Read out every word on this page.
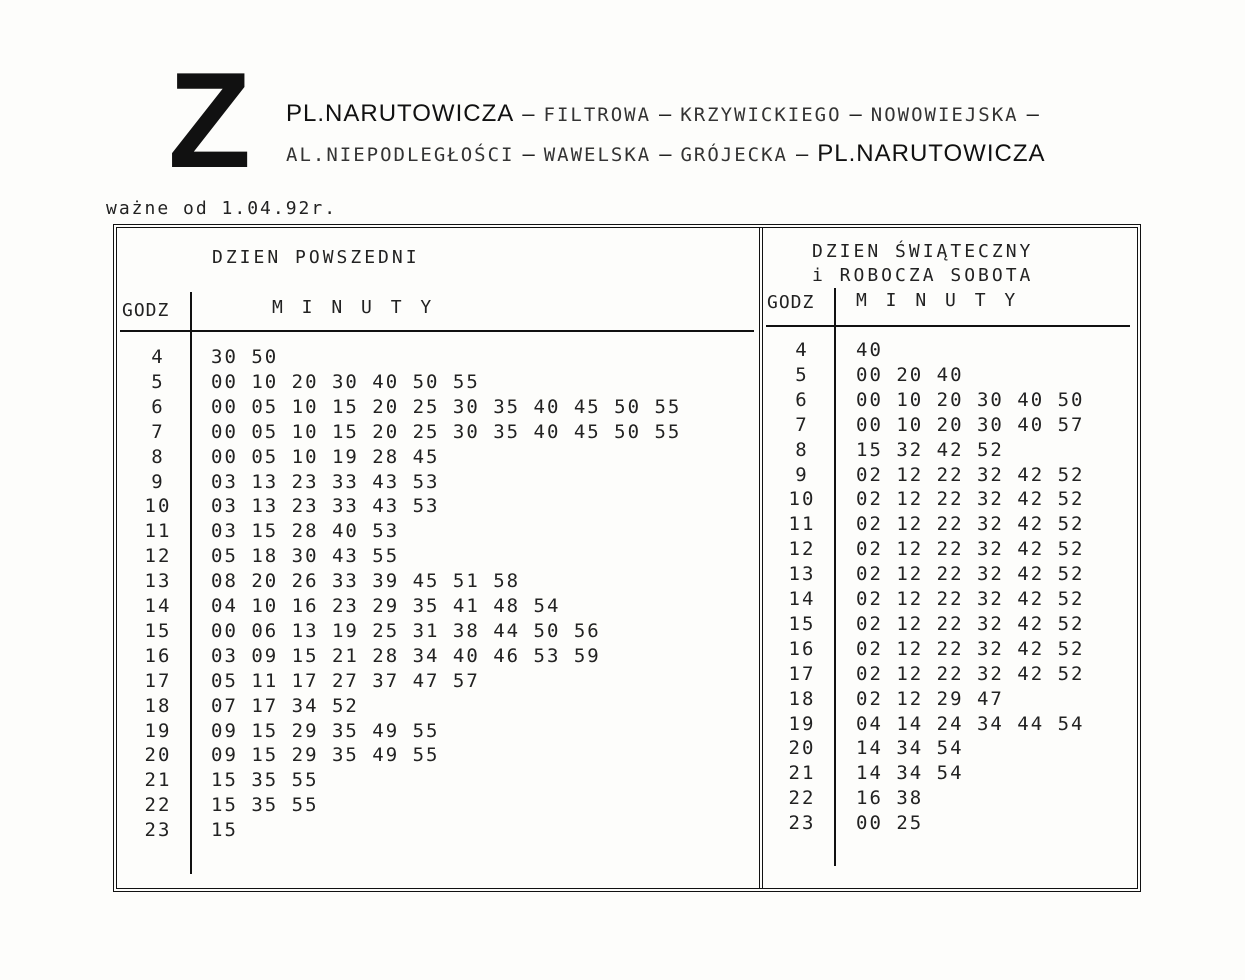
Z PL.NARUTOWICZA – FILTROWA – KRZYWICKIEGO – NOWOWIEJSKA –
AL.NIEPODLEGŁOŚCI – WAWELSKA – GRÓJECKA – PL.NARUTOWICZA
ważne od 1.04.92r.
DZIEN POWSZEDNI
GODZ	M I N U T Y
DZIEN ŚWIĄTECZNY
i ROBOCZA SOBOTA
GODZ M I N U T Y
4	30 50
5	00 10 20 30 40 50 55
6	00 05 10 15 20 25 30 35 40 45 50 55
7	00 05 10 15 20 25 30 35 40 45 50 55
8	00 05 10 19 28 45
9	03 13 23 33 43 53
10	03 13 23 33 43 53
11	03 15 28 40 53
12	05 18 30 43 55
13	08 20 26 33 39 45 51 58
14	04 10 16 23 29 35 41 48 54
15	00 06 13 19 25 31 38 44 50 56
16	03 09 15 21 28 34 40 46 53 59
17	05 11 17 27 37 47 57
18	07 17 34 52
19	09 15 29 35 49 55
20	09 15 29 35 49 55
21	15 35 55
22	15 35 55
23	15
4	40
5	00 20 40
6	00 10 20 30 40 50
7	00 10 20 30 40 57
8	15 32 42 52
9	02 12 22 32 42 52
10	02 12 22 32 42 52
11	02 12 22 32 42 52
12	02 12 22 32 42 52
13	02 12 22 32 42 52
14	02 12 22 32 42 52
15	02 12 22 32 42 52
16	02 12 22 32 42 52
17	02 12 22 32 42 52
18	02 12 29 47
19	04 14 24 34 44 54
20	14 34 54
21	14 34 54
22	16 38
23	00 25
